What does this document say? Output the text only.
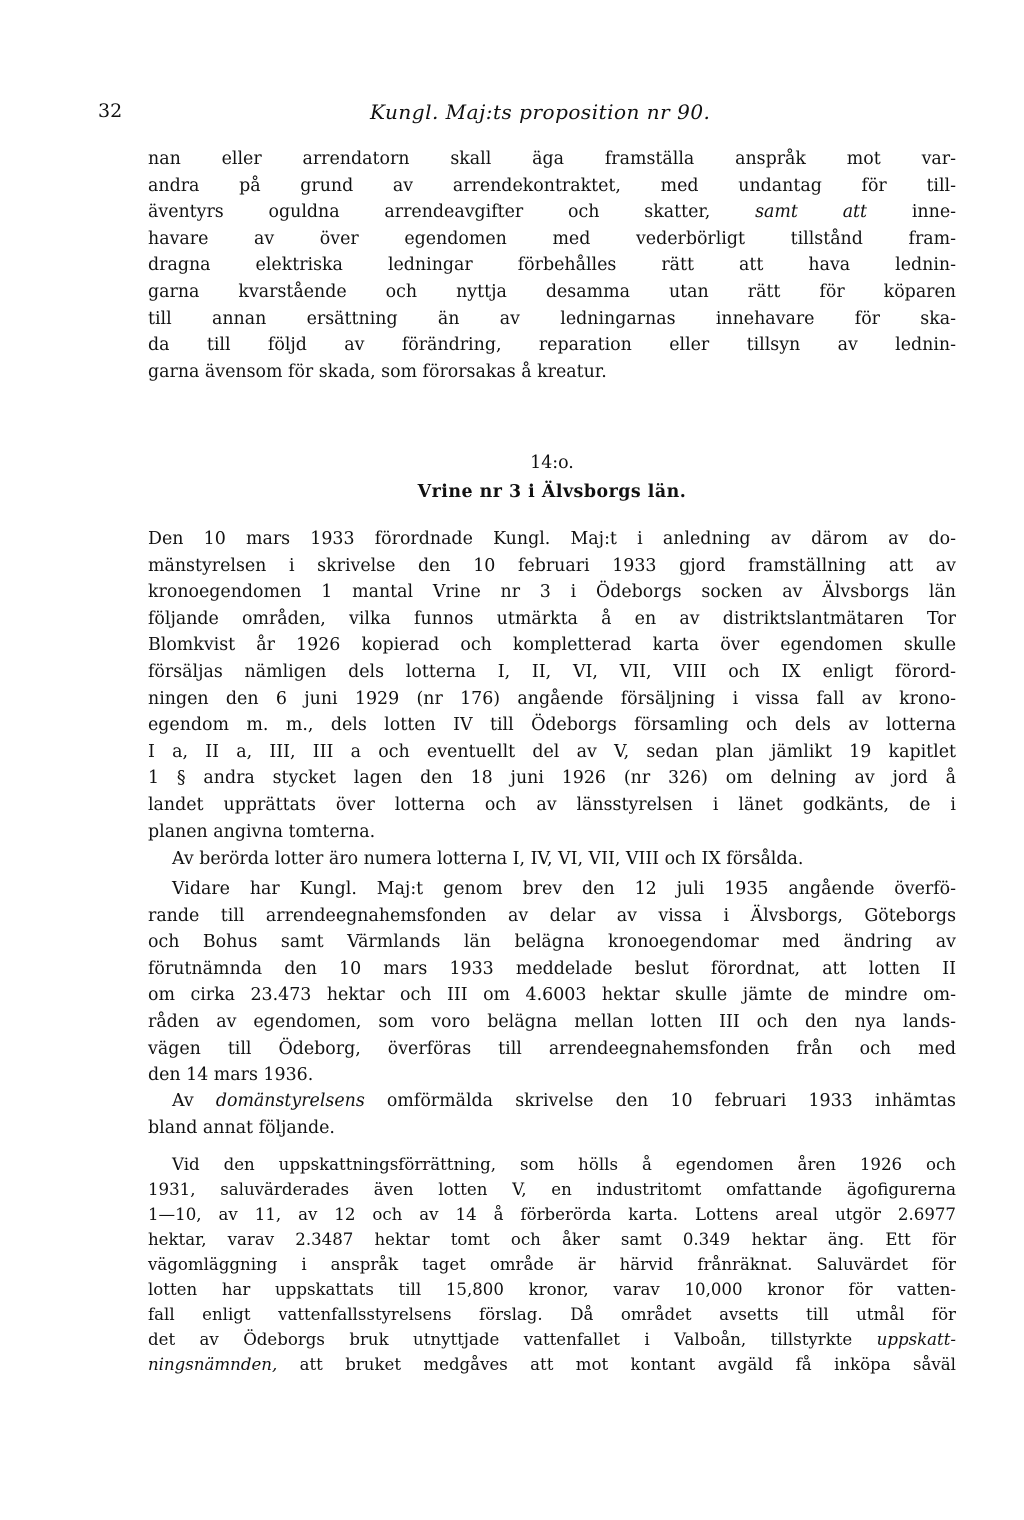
32	Kungl. Maj:ts proposition nr 90.
nan eller arrendatorn skall äga framställa anspråk mot var-
andra på grund av arrendekontraktet, med undantag för till-
äventyrs oguldna arrendeavgifter och skatter, samt att inne-
havare av över egendomen med vederbörligt tillstånd fram-
dragna elektriska ledningar förbehålles rätt att hava lednin-
garna kvarstående och nyttja desamma utan rätt för köparen
till annan ersättning än av ledningarnas innehavare för ska-
da till följd av förändring, reparation eller tillsyn av lednin-
garna ävensom för skada, som förorsakas å kreatur.
14:o.
Vrine nr 3 i Älvsborgs län.
Den 10 mars 1933 förordnade Kungl. Maj:t i anledning av därom av do-
mänstyrelsen i skrivelse den 10 februari 1933 gjord framställning att av
kronoegendomen 1 mantal Vrine nr 3 i Ödeborgs socken av Älvsborgs län
följande områden, vilka funnos utmärkta å en av distriktslantmätaren Tor
Blomkvist år 1926 kopierad och kompletterad karta över egendomen skulle
försäljas nämligen dels lotterna I, II, VI, VII, VIII och IX enligt förord-
ningen den 6 juni 1929 (nr 176) angående försäljning i vissa fall av krono-
egendom m. m., dels lotten IV till Ödeborgs församling och dels av lotterna
I a, II a, III, III a och eventuellt del av V, sedan plan jämlikt 19 kapitlet
1 § andra stycket lagen den 18 juni 1926 (nr 326) om delning av jord å
landet upprättats över lotterna och av länsstyrelsen i länet godkänts, de i
planen angivna tomterna.
Av berörda lotter äro numera lotterna I, IV, VI, VII, VIII och IX försålda.
Vidare har Kungl. Maj:t genom brev den 12 juli 1935 angående överfö-
rande till arrendeegnahemsfonden av delar av vissa i Älvsborgs, Göteborgs
och Bohus samt Värmlands län belägna kronoegendomar med ändring av
förutnämnda den 10 mars 1933 meddelade beslut förordnat, att lotten II
om cirka 23.473 hektar och III om 4.6003 hektar skulle jämte de mindre om-
råden av egendomen, som voro belägna mellan lotten III och den nya lands-
vägen till Ödeborg, överföras till arrendeegnahemsfonden från och med
den 14 mars 1936.
Av domänstyrelsens omförmälda skrivelse den 10 februari 1933 inhämtas
bland annat följande.
Vid den uppskattningsförrättning, som hölls å egendomen åren 1926 och
1931, saluvärderades även lotten V, en industritomt omfattande ägofigurerna
1—10, av 11, av 12 och av 14 å förberörda karta. Lottens areal utgör 2.6977
hektar, varav 2.3487 hektar tomt och åker samt 0.349 hektar äng. Ett för
vägomläggning i anspråk taget område är härvid frånräknat. Saluvärdet för
lotten har uppskattats till 15,800 kronor, varav 10,000 kronor för vatten-
fall enligt vattenfallsstyrelsens förslag. Då området avsetts till utmål för
det av Ödeborgs bruk utnyttjade vattenfallet i Valboån, tillstyrkte uppskatt-
ningsnämnden, att bruket medgåves att mot kontant avgäld få inköpa såväl
